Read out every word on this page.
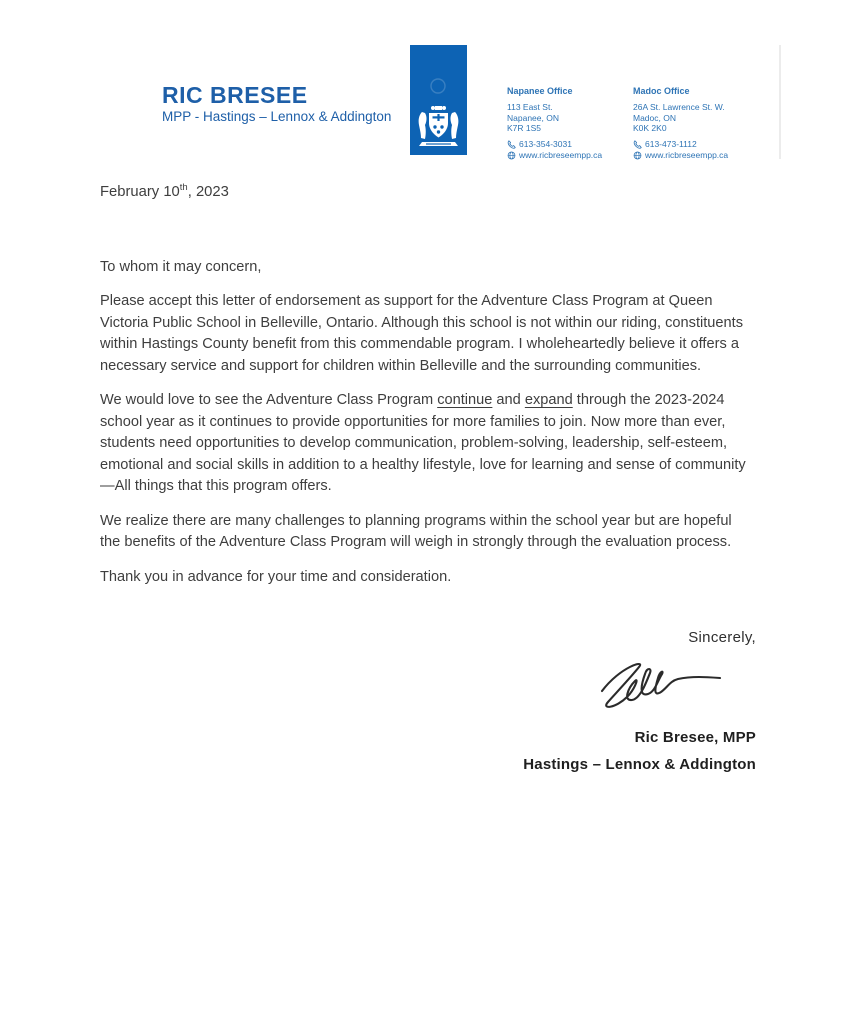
RIC BRESEE
MPP - Hastings – Lennox & Addington
Napanee Office
113 East St.
Napanee, ON
K7R 1S5
613-354-3031
www.ricbreseempp.ca
Madoc Office
26A St. Lawrence St. W.
Madoc, ON
K0K 2K0
613-473-1112
www.ricbreseempp.ca

February 10th, 2023

To whom it may concern,

Please accept this letter of endorsement as support for the Adventure Class Program at Queen Victoria Public School in Belleville, Ontario. Although this school is not within our riding, constituents within Hastings County benefit from this commendable program. I wholeheartedly believe it offers a necessary service and support for children within Belleville and the surrounding communities.

We would love to see the Adventure Class Program continue and expand through the 2023-2024 school year as it continues to provide opportunities for more families to join. Now more than ever, students need opportunities to develop communication, problem-solving, leadership, self-esteem, emotional and social skills in addition to a healthy lifestyle, love for learning and sense of community—All things that this program offers.

We realize there are many challenges to planning programs within the school year but are hopeful the benefits of the Adventure Class Program will weigh in strongly through the evaluation process.

Thank you in advance for your time and consideration.

Sincerely,
Ric Bresee, MPP
Hastings – Lennox & Addington
